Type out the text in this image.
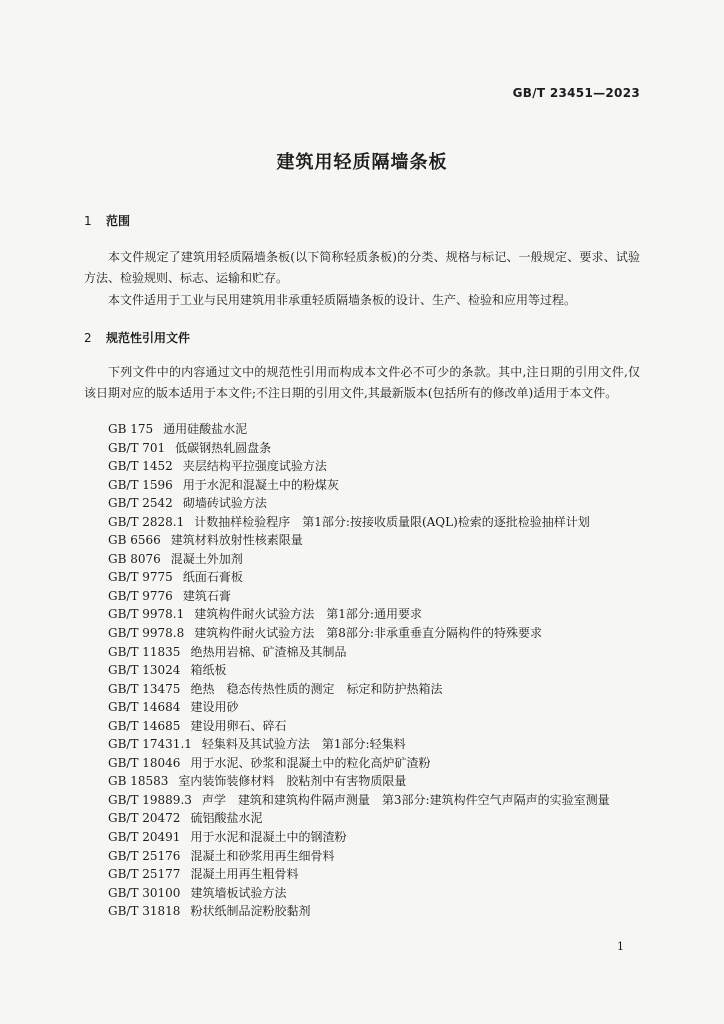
GB/T 23451—2023
建筑用轻质隔墙条板
1 范围

本文件规定了建筑用轻质隔墙条板(以下简称轻质条板)的分类、规格与标记、一般规定、要求、试验方法、检验规则、标志、运输和贮存。

本文件适用于工业与民用建筑用非承重轻质隔墙条板的设计、生产、检验和应用等过程。

2 规范性引用文件

下列文件中的内容通过文中的规范性引用而构成本文件必不可少的条款。其中,注日期的引用文件,仅该日期对应的版本适用于本文件;不注日期的引用文件,其最新版本(包括所有的修改单)适用于本文件。

GB 175 通用硅酸盐水泥
GB/T 701 低碳钢热轧圆盘条
GB/T 1452 夹层结构平拉强度试验方法
GB/T 1596 用于水泥和混凝土中的粉煤灰
GB/T 2542 砌墙砖试验方法
GB/T 2828.1 计数抽样检验程序　第1部分:按接收质量限(AQL)检索的逐批检验抽样计划
GB 6566 建筑材料放射性核素限量
GB 8076 混凝土外加剂
GB/T 9775 纸面石膏板
GB/T 9776 建筑石膏
GB/T 9978.1 建筑构件耐火试验方法　第1部分:通用要求
GB/T 9978.8 建筑构件耐火试验方法　第8部分:非承重垂直分隔构件的特殊要求
GB/T 11835 绝热用岩棉、矿渣棉及其制品
GB/T 13024 箱纸板
GB/T 13475 绝热　稳态传热性质的测定　标定和防护热箱法
GB/T 14684 建设用砂
GB/T 14685 建设用卵石、碎石
GB/T 17431.1 轻集料及其试验方法　第1部分:轻集料
GB/T 18046 用于水泥、砂浆和混凝土中的粒化高炉矿渣粉
GB 18583 室内装饰装修材料　胶粘剂中有害物质限量
GB/T 19889.3 声学　建筑和建筑构件隔声测量　第3部分:建筑构件空气声隔声的实验室测量
GB/T 20472 硫铝酸盐水泥
GB/T 20491 用于水泥和混凝土中的钢渣粉
GB/T 25176 混凝土和砂浆用再生细骨料
GB/T 25177 混凝土用再生粗骨料
GB/T 30100 建筑墙板试验方法
GB/T 31818 粉状纸制品淀粉胶黏剂
1
